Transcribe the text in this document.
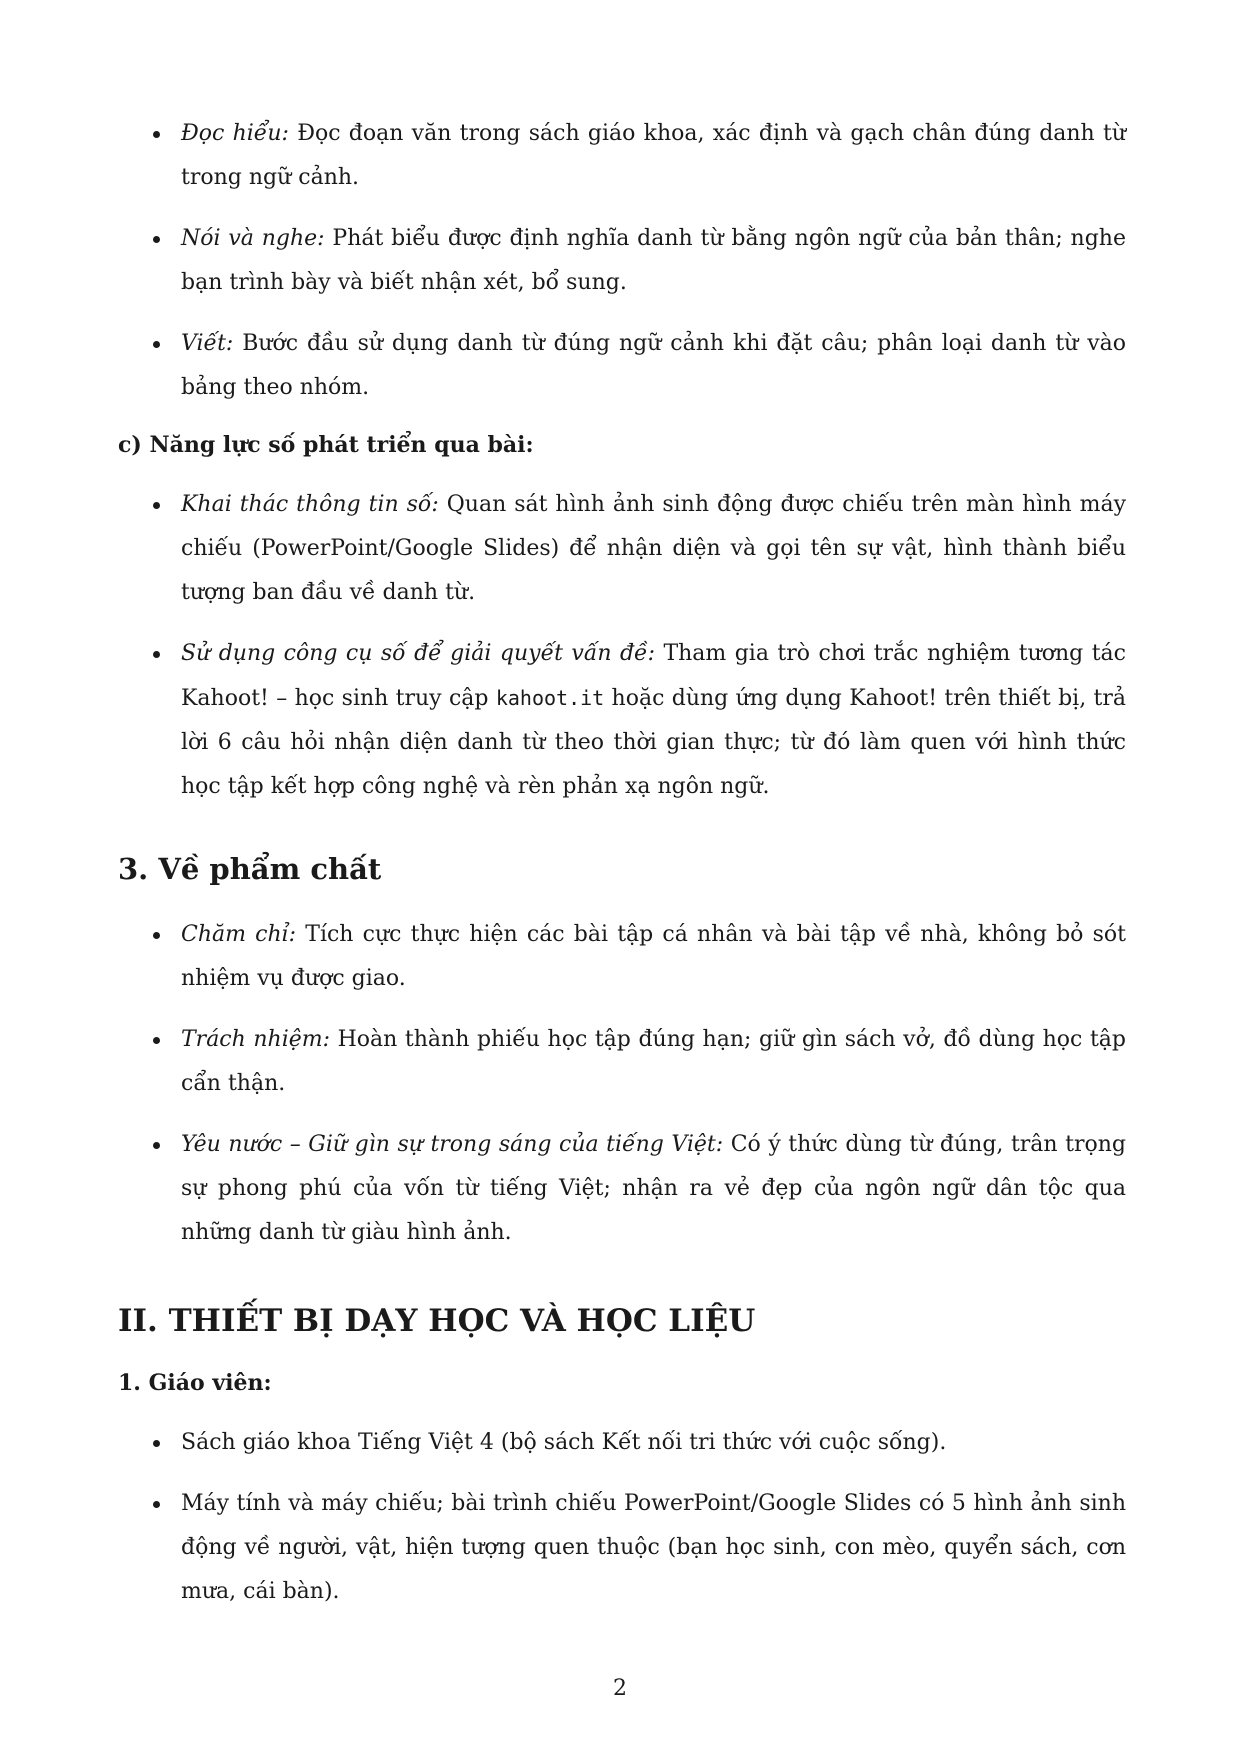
Đọc hiểu: Đọc đoạn văn trong sách giáo khoa, xác định và gạch chân đúng danh từ trong ngữ cảnh.
Nói và nghe: Phát biểu được định nghĩa danh từ bằng ngôn ngữ của bản thân; nghe bạn trình bày và biết nhận xét, bổ sung.
Viết: Bước đầu sử dụng danh từ đúng ngữ cảnh khi đặt câu; phân loại danh từ vào bảng theo nhóm.
c) Năng lực số phát triển qua bài:
Khai thác thông tin số: Quan sát hình ảnh sinh động được chiếu trên màn hình máy chiếu (PowerPoint/Google Slides) để nhận diện và gọi tên sự vật, hình thành biểu tượng ban đầu về danh từ.
Sử dụng công cụ số để giải quyết vấn đề: Tham gia trò chơi trắc nghiệm tương tác Kahoot! – học sinh truy cập kahoot.it hoặc dùng ứng dụng Kahoot! trên thiết bị, trả lời 6 câu hỏi nhận diện danh từ theo thời gian thực; từ đó làm quen với hình thức học tập kết hợp công nghệ và rèn phản xạ ngôn ngữ.
3. Về phẩm chất
Chăm chỉ: Tích cực thực hiện các bài tập cá nhân và bài tập về nhà, không bỏ sót nhiệm vụ được giao.
Trách nhiệm: Hoàn thành phiếu học tập đúng hạn; giữ gìn sách vở, đồ dùng học tập cẩn thận.
Yêu nước – Giữ gìn sự trong sáng của tiếng Việt: Có ý thức dùng từ đúng, trân trọng sự phong phú của vốn từ tiếng Việt; nhận ra vẻ đẹp của ngôn ngữ dân tộc qua những danh từ giàu hình ảnh.
II. THIẾT BỊ DẠY HỌC VÀ HỌC LIỆU
1. Giáo viên:
Sách giáo khoa Tiếng Việt 4 (bộ sách Kết nối tri thức với cuộc sống).
Máy tính và máy chiếu; bài trình chiếu PowerPoint/Google Slides có 5 hình ảnh sinh động về người, vật, hiện tượng quen thuộc (bạn học sinh, con mèo, quyển sách, cơn mưa, cái bàn).
2
